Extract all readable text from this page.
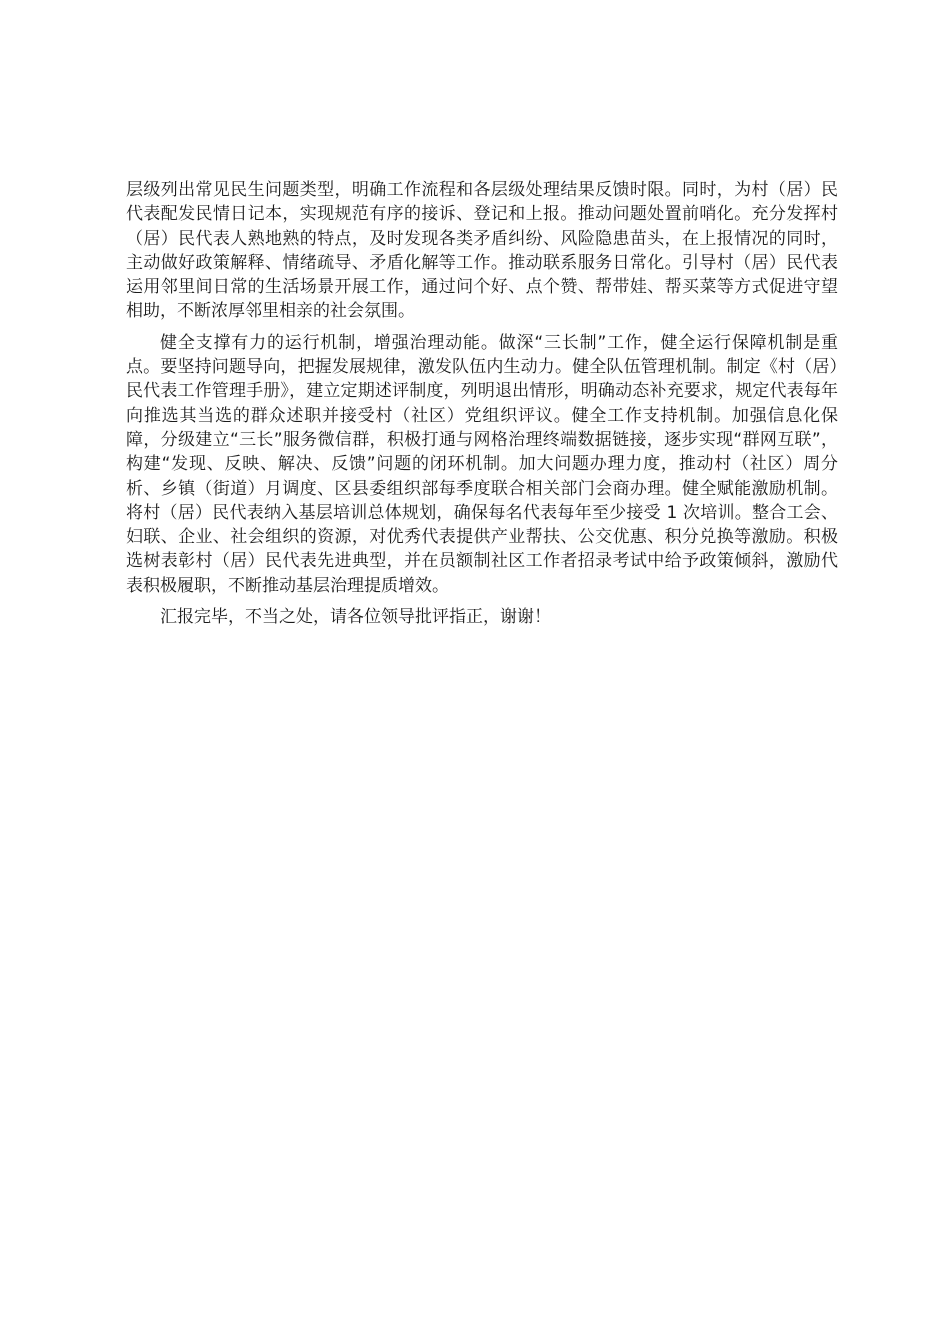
层级列出常见民生问题类型，明确工作流程和各层级处理结果反馈时限。同时，为村（居）民代表配发民情日记本，实现规范有序的接诉、登记和上报。推动问题处置前哨化。充分发挥村（居）民代表人熟地熟的特点，及时发现各类矛盾纠纷、风险隐患苗头，在上报情况的同时，主动做好政策解释、情绪疏导、矛盾化解等工作。推动联系服务日常化。引导村（居）民代表运用邻里间日常的生活场景开展工作，通过问个好、点个赞、帮带娃、帮买菜等方式促进守望相助，不断浓厚邻里相亲的社会氛围。

健全支撑有力的运行机制，增强治理动能。做深“三长制”工作，健全运行保障机制是重点。要坚持问题导向，把握发展规律，激发队伍内生动力。健全队伍管理机制。制定《村（居）民代表工作管理手册》，建立定期述评制度，列明退出情形，明确动态补充要求，规定代表每年向推选其当选的群众述职并接受村（社区）党组织评议。健全工作支持机制。加强信息化保障，分级建立“三长”服务微信群，积极打通与网格治理终端数据链接，逐步实现“群网互联”，构建“发现、反映、解决、反馈”问题的闭环机制。加大问题办理力度，推动村（社区）周分析、乡镇（街道）月调度、区县委组织部每季度联合相关部门会商办理。健全赋能激励机制。将村（居）民代表纳入基层培训总体规划，确保每名代表每年至少接受 1 次培训。整合工会、妇联、企业、社会组织的资源，对优秀代表提供产业帮扶、公交优惠、积分兑换等激励。积极选树表彰村（居）民代表先进典型，并在员额制社区工作者招录考试中给予政策倾斜，激励代表积极履职，不断推动基层治理提质增效。

汇报完毕，不当之处，请各位领导批评指正，谢谢！
